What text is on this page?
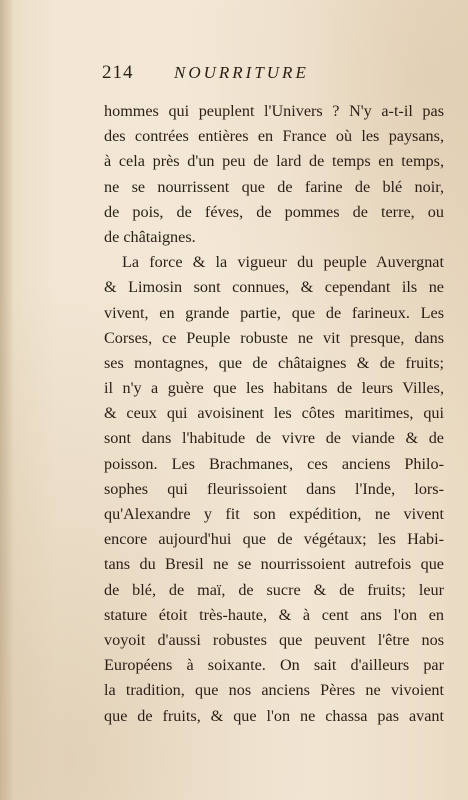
214 NOURRITURE
hommes qui peuplent l'Univers ? N'y a-t-il pas
des contrées entières en France où les paysans,
à cela près d'un peu de lard de temps en temps,
ne se nourrissent que de farine de blé noir,
de pois, de féves, de pommes de terre, ou
de châtaignes.
La force & la vigueur du peuple Auvergnat
& Limosin sont connues, & cependant ils ne
vivent, en grande partie, que de farineux. Les
Corses, ce Peuple robuste ne vit presque, dans
ses montagnes, que de châtaignes & de fruits;
il n'y a guère que les habitans de leurs Villes,
& ceux qui avoisinent les côtes maritimes, qui
sont dans l'habitude de vivre de viande & de
poisson. Les Brachmanes, ces anciens Philo-
sophes qui fleurissoient dans l'Inde, lors-
qu'Alexandre y fit son expédition, ne vivent
encore aujourd'hui que de végétaux; les Habi-
tans du Bresil ne se nourrissoient autrefois que
de blé, de maï, de sucre & de fruits; leur
stature étoit très-haute, & à cent ans l'on en
voyoit d'aussi robustes que peuvent l'être nos
Européens à soixante. On sait d'ailleurs par
la tradition, que nos anciens Pères ne vivoient
que de fruits, & que l'on ne chassa pas avant
